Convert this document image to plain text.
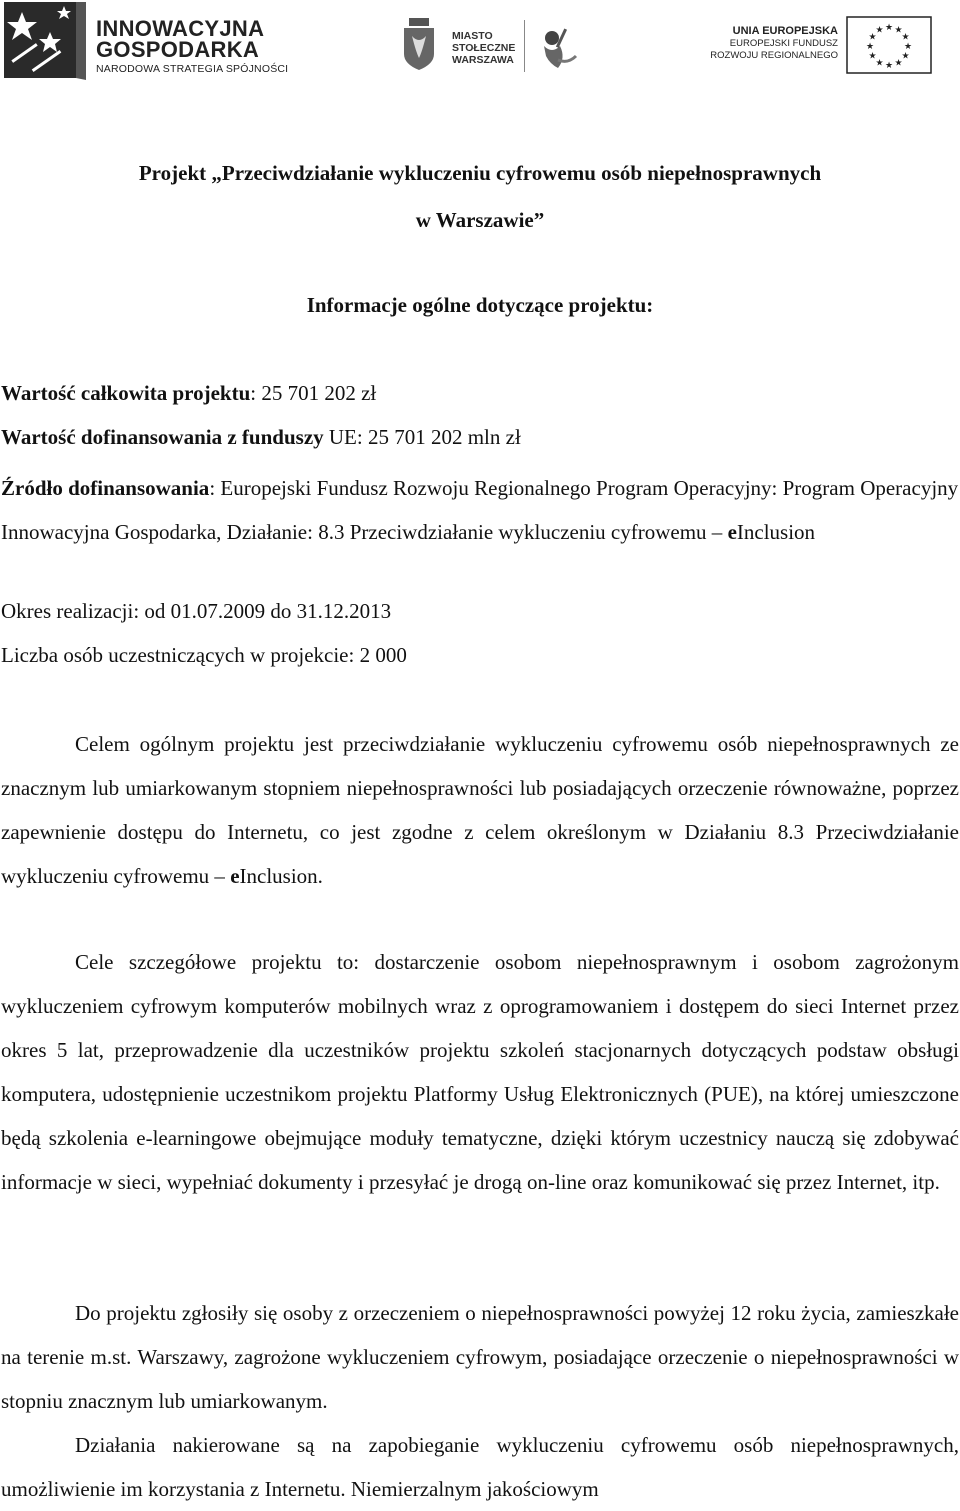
INNOWACYJNA
GOSPODARKA
NARODOWA STRATEGIA SPÓJNOŚCI
MIASTO
STOŁECZNE
WARSZAWA
UNIA EUROPEJSKA
EUROPEJSKI FUNDUSZ
ROZWOJU REGIONALNEGO
★ ★
★
★
★
★
★
★
★
★
★
★
Projekt „Przeciwdziałanie wykluczeniu cyfrowemu osób niepełnosprawnych
w Warszawie”
Informacje ogólne dotyczące projektu:

Wartość całkowita projektu: 25 701 202 zł

Wartość dofinansowania z funduszy UE: 25 701 202 mln zł

Źródło dofinansowania: Europejski Fundusz Rozwoju Regionalnego Program Operacyjny: Program Operacyjny Innowacyjna Gospodarka, Działanie: 8.3 Przeciwdziałanie wykluczeniu cyfrowemu – eInclusion

Okres realizacji: od 01.07.2009 do 31.12.2013

Liczba osób uczestniczących w projekcie: 2 000

Celem ogólnym projektu jest przeciwdziałanie wykluczeniu cyfrowemu osób niepełnosprawnych ze znacznym lub umiarkowanym stopniem niepełnosprawności lub posiadających orzeczenie równoważne, poprzez zapewnienie dostępu do Internetu, co jest zgodne z celem określonym w Działaniu 8.3 Przeciwdziałanie wykluczeniu cyfrowemu – eInclusion.

Cele szczegółowe projektu to: dostarczenie osobom niepełnosprawnym i osobom zagrożonym wykluczeniem cyfrowym komputerów mobilnych wraz z oprogramowaniem i dostępem do sieci Internet przez okres 5 lat, przeprowadzenie dla uczestników projektu szkoleń stacjonarnych dotyczących podstaw obsługi komputera, udostępnienie uczestnikom projektu Platformy Usług Elektronicznych (PUE), na której umieszczone będą szkolenia e-learningowe obejmujące moduły tematyczne, dzięki którym uczestnicy nauczą się zdobywać informacje w sieci, wypełniać dokumenty i przesyłać je drogą on-line oraz komunikować się przez Internet, itp.

Do projektu zgłosiły się osoby z orzeczeniem o niepełnosprawności powyżej 12 roku życia, zamieszkałe na terenie m.st. Warszawy, zagrożone wykluczeniem cyfrowym, posiadające orzeczenie o niepełnosprawności w stopniu znacznym lub umiarkowanym.

Działania nakierowane są na zapobieganie wykluczeniu cyfrowemu osób niepełnosprawnych, umożliwienie im korzystania z Internetu. Niemierzalnym jakościowym
